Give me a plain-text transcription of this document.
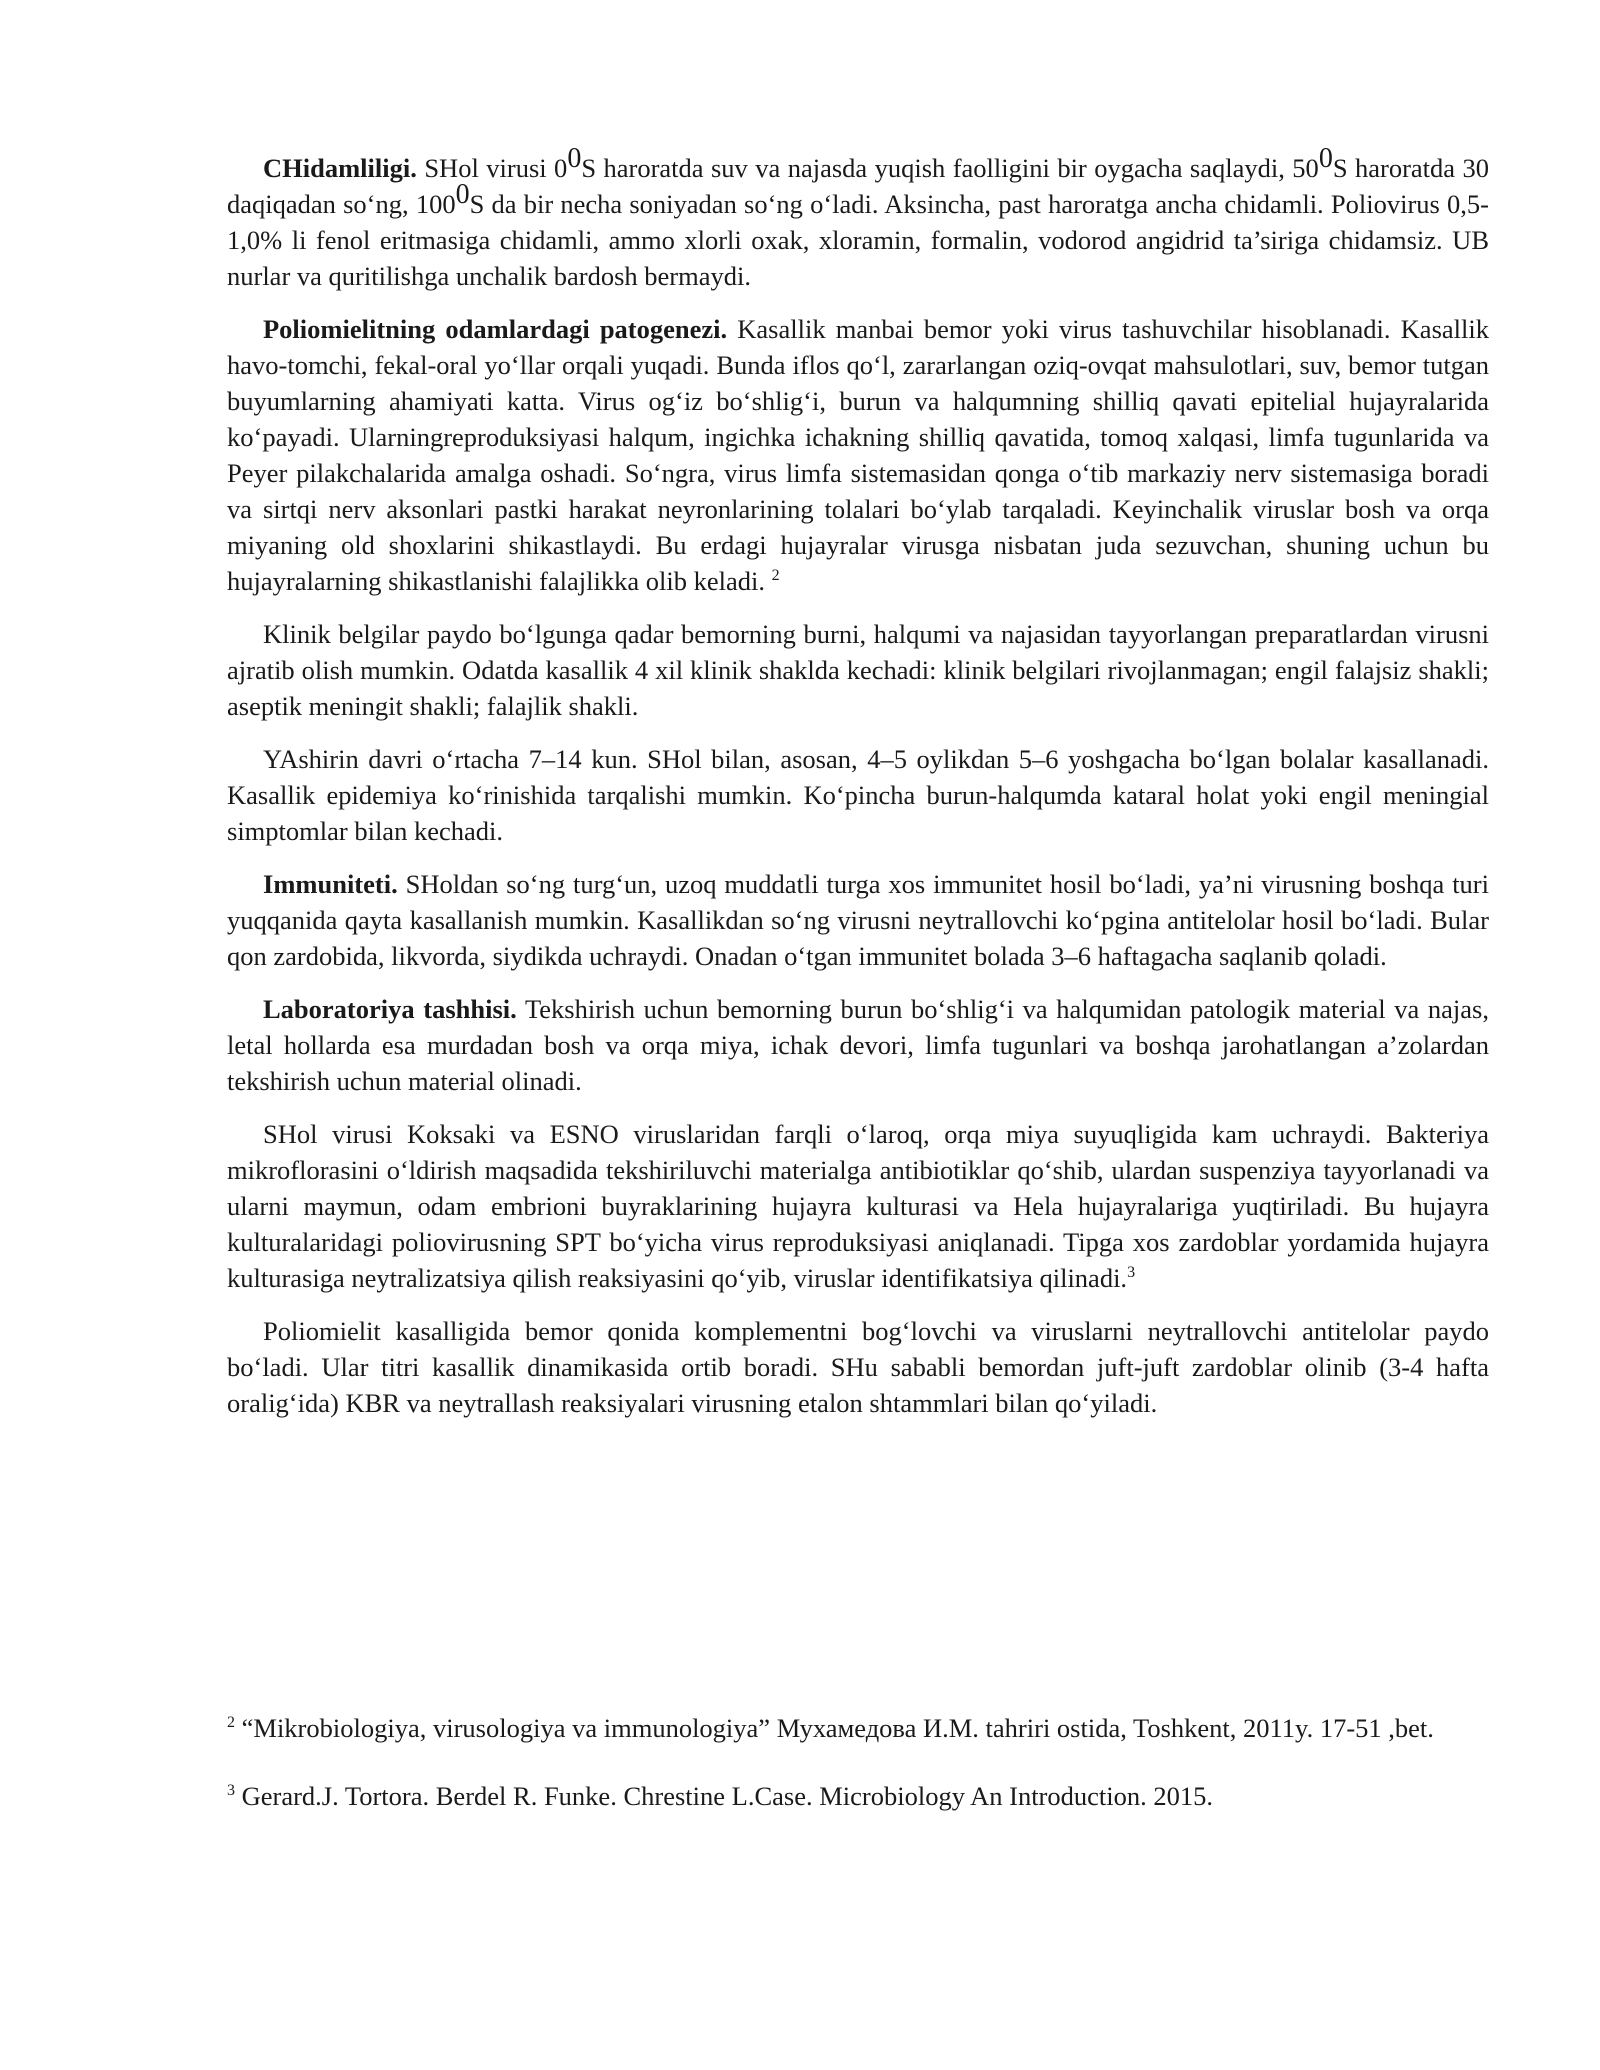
CHidamliligi. SHol virusi 00S haroratda suv va najasda yuqish faolligini bir oygacha saqlaydi, 500S haroratda 30 daqiqadan so‘ng, 1000S da bir necha soniyadan so‘ng o‘ladi. Aksincha, past haroratga ancha chidamli. Poliovirus 0,5-1,0% li fenol eritmasiga chidamli, ammo xlorli oxak, xloramin, formalin, vodorod angidrid ta’siriga chidamsiz. UB nurlar va quritilishga unchalik bardosh bermaydi.

Poliomielitning odamlardagi patogenezi. Kasallik manbai bemor yoki virus tashuvchilar hisoblanadi. Kasallik havo-tomchi, fekal-oral yo‘llar orqali yuqadi. Bunda iflos qo‘l, zararlangan oziq-ovqat mahsulotlari, suv, bemor tutgan buyumlarning ahamiyati katta. Virus og‘iz bo‘shlig‘i, burun va halqumning shilliq qavati epitelial hujayralarida ko‘payadi. Ularningreproduksiyasi halqum, ingichka ichakning shilliq qavatida, tomoq xalqasi, limfa tugunlarida va Peyer pilakchalarida amalga oshadi. So‘ngra, virus limfa sistemasidan qonga o‘tib markaziy nerv sistemasiga boradi va sirtqi nerv aksonlari pastki harakat neyronlarining tolalari bo‘ylab tarqaladi. Keyinchalik viruslar bosh va orqa miyaning old shoxlarini shikastlaydi. Bu erdagi hujayralar virusga nisbatan juda sezuvchan, shuning uchun bu hujayralarning shikastlanishi falajlikka olib keladi. $^2$

Klinik belgilar paydo bo‘lgunga qadar bemorning burni, halqumi va najasidan tayyorlangan preparatlardan virusni ajratib olish mumkin. Odatda kasallik 4 xil klinik shaklda kechadi: klinik belgilari rivojlanmagan; engil falajsiz shakli; aseptik meningit shakli; falajlik shakli.

YAshirin davri o‘rtacha 7–14 kun. SHol bilan, asosan, 4–5 oylikdan 5–6 yoshgacha bo‘lgan bolalar kasallanadi. Kasallik epidemiya ko‘rinishida tarqalishi mumkin. Ko‘pincha burun-halqumda kataral holat yoki engil meningial simptomlar bilan kechadi.

Immuniteti. SHoldan so‘ng turg‘un, uzoq muddatli turga xos immunitet hosil bo‘ladi, ya’ni virusning boshqa turi yuqqanida qayta kasallanish mumkin. Kasallikdan so‘ng virusni neytrallovchi ko‘pgina antitelolar hosil bo‘ladi. Bular qon zardobida, likvorda, siydikda uchraydi. Onadan o‘tgan immunitet bolada 3–6 haftagacha saqlanib qoladi.

Laboratoriya tashhisi. Tekshirish uchun bemorning burun bo‘shlig‘i va halqumidan patologik material va najas, letal hollarda esa murdadan bosh va orqa miya, ichak devori, limfa tugunlari va boshqa jarohatlangan a’zolardan tekshirish uchun material olinadi.

SHol virusi Koksaki va ESNO viruslaridan farqli o‘laroq, orqa miya suyuqligida kam uchraydi. Bakteriya mikroflorasini o‘ldirish maqsadida tekshiriluvchi materialga antibiotiklar qo‘shib, ulardan suspenziya tayyorlanadi va ularni maymun, odam embrioni buyraklarining hujayra kulturasi va Hela hujayralariga yuqtiriladi. Bu hujayra kulturalaridagi poliovirusning SPT bo‘yicha virus reproduksiyasi aniqlanadi. Tipga xos zardoblar yordamida hujayra kulturasiga neytralizatsiya qilish reaksiyasini qo‘yib, viruslar identifikatsiya qilinadi.$^3$

Poliomielit kasalligida bemor qonida komplementni bog‘lovchi va viruslarni neytrallovchi antitelolar paydo bo‘ladi. Ular titri kasallik dinamikasida ortib boradi. SHu sababli bemordan juft-juft zardoblar olinib (3-4 hafta oralig‘ida) KBR va neytrallash reaksiyalari virusning etalon shtammlari bilan qo‘yiladi.

$^2$ “Mikrobiologiya, virusologiya va immunologiya” Мухамедова И.М. tahriri ostida, Toshkent, 2011y. 17-51 ,bet.

$^3$ Gerard.J. Tortora. Berdel R. Funke. Chrestine L.Case. Microbiology An Introduction. 2015.
